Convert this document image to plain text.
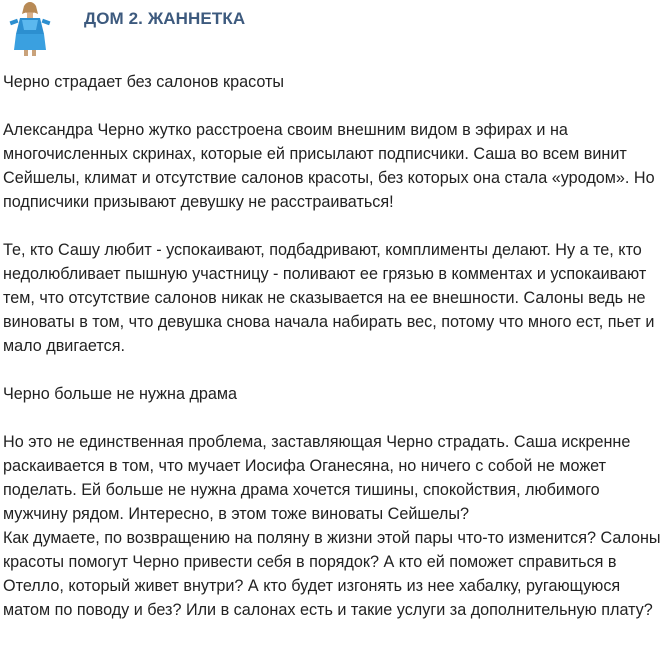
ДОМ 2. ЖАННЕТКА

Черно страдает без салонов красоты

Александра Черно жутко расстроена своим внешним видом в эфирах и на многочисленных скринах, которые ей присылают подписчики. Саша во всем винит Сейшелы, климат и отсутствие салонов красоты, без которых она стала «уродом». Но подписчики призывают девушку не расстраиваться!

Те, кто Сашу любит - успокаивают, подбадривают, комплименты делают. Ну а те, кто недолюбливает пышную участницу - поливают ее грязью в комментах и успокаивают тем, что отсутствие салонов никак не сказывается на ее внешности. Салоны ведь не виноваты в том, что девушка снова начала набирать вес, потому что много ест, пьет и мало двигается.

Черно больше не нужна драма

Но это не единственная проблема, заставляющая Черно страдать. Саша искренне раскаивается в том, что мучает Иосифа Оганесяна, но ничего с собой не может поделать. Ей больше не нужна драма хочется тишины, спокойствия, любимого мужчину рядом. Интересно, в этом тоже виноваты Сейшелы?

Как думаете, по возвращению на поляну в жизни этой пары что-то изменится? Салоны красоты помогут Черно привести себя в порядок? А кто ей поможет справиться в Отелло, который живет внутри? А кто будет изгонять из нее хабалку, ругающуюся матом по поводу и без? Или в салонах есть и такие услуги за дополнительную плату?
